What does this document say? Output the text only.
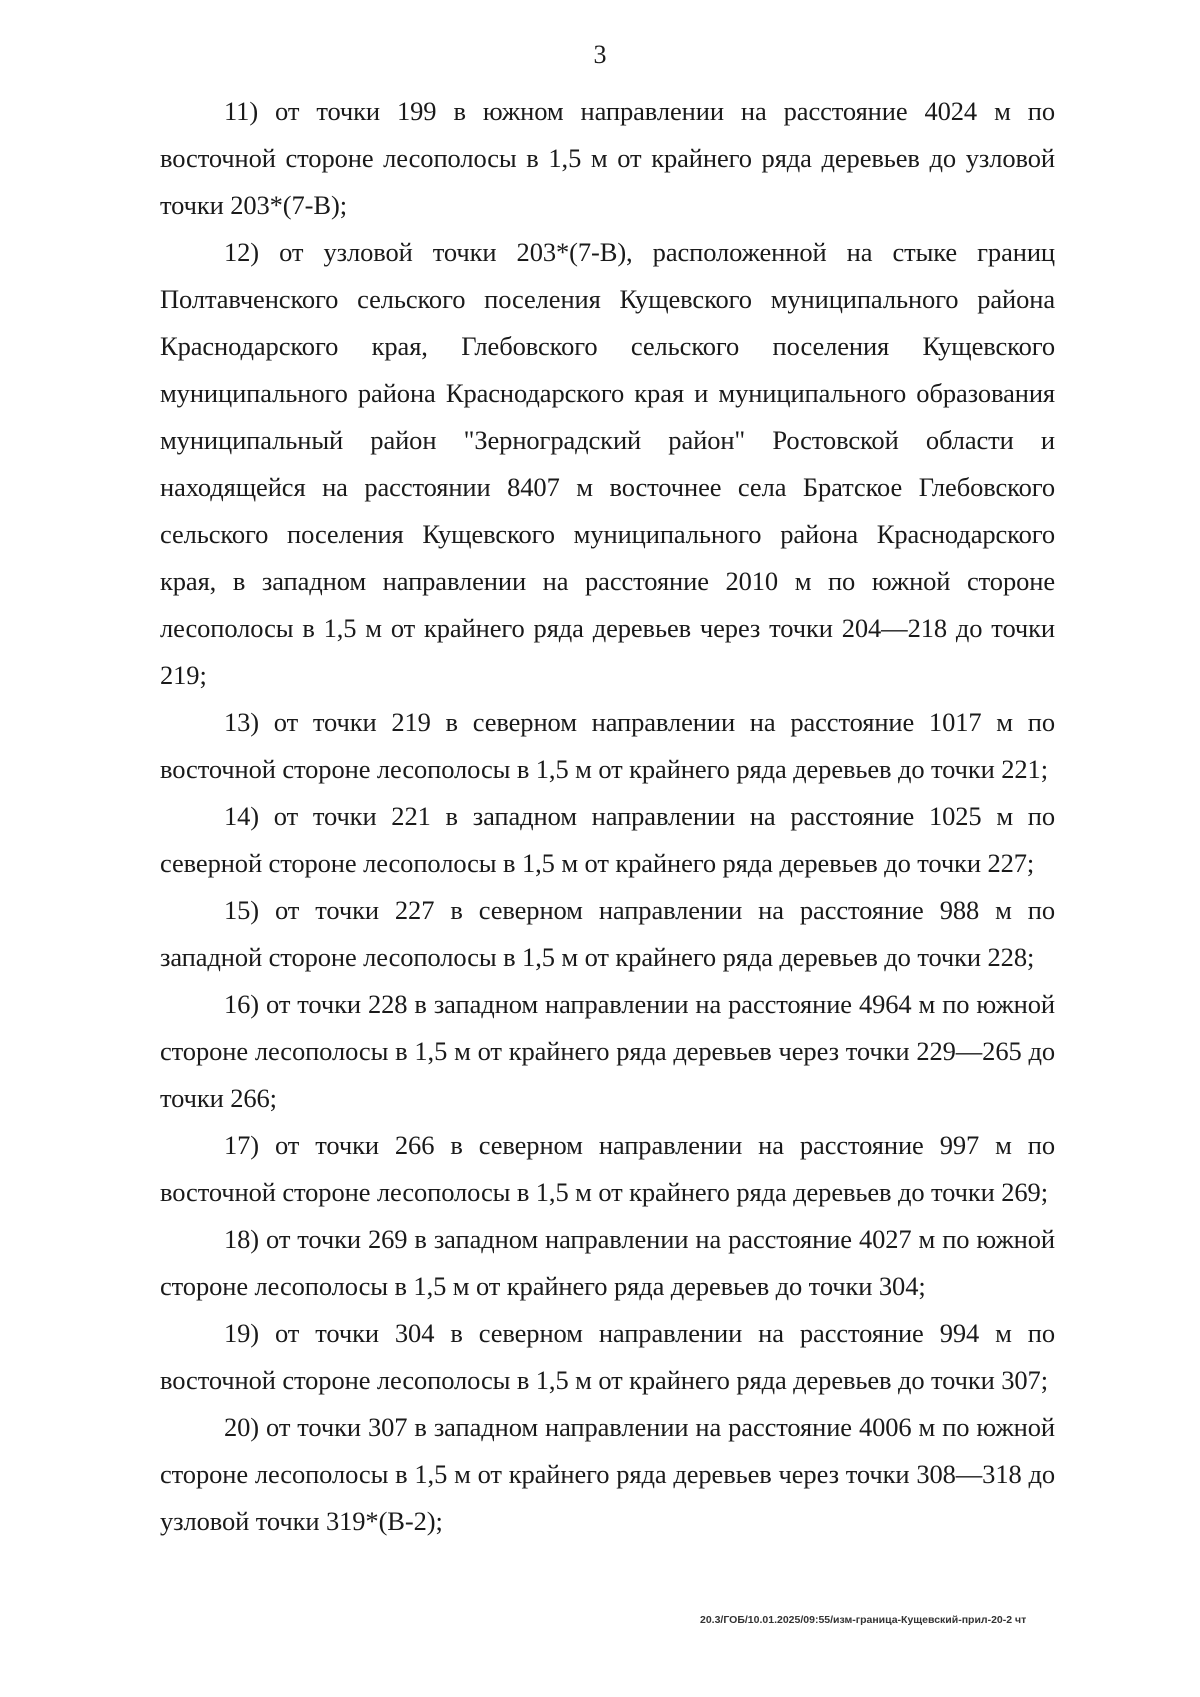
3

11) от точки 199 в южном направлении на расстояние 4024 м по восточной стороне лесополосы в 1,5 м от крайнего ряда деревьев до узловой точки 203*(7-В);

12) от узловой точки 203*(7-В), расположенной на стыке границ Полтавченского сельского поселения Кущевского муниципального района Краснодарского края, Глебовского сельского поселения Кущевского муниципального района Краснодарского края и муниципального образования муниципальный район "Зерноградский район" Ростовской области и находящейся на расстоянии 8407 м восточнее села Братское Глебовского сельского поселения Кущевского муниципального района Краснодарского края, в западном направлении на расстояние 2010 м по южной стороне лесополосы в 1,5 м от крайнего ряда деревьев через точки 204—218 до точки 219;

13) от точки 219 в северном направлении на расстояние 1017 м по восточной стороне лесополосы в 1,5 м от крайнего ряда деревьев до точки 221;

14) от точки 221 в западном направлении на расстояние 1025 м по северной стороне лесополосы в 1,5 м от крайнего ряда деревьев до точки 227;

15) от точки 227 в северном направлении на расстояние 988 м по западной стороне лесополосы в 1,5 м от крайнего ряда деревьев до точки 228;

16) от точки 228 в западном направлении на расстояние 4964 м по южной стороне лесополосы в 1,5 м от крайнего ряда деревьев через точки 229—265 до точки 266;

17) от точки 266 в северном направлении на расстояние 997 м по восточной стороне лесополосы в 1,5 м от крайнего ряда деревьев до точки 269;

18) от точки 269 в западном направлении на расстояние 4027 м по южной стороне лесополосы в 1,5 м от крайнего ряда деревьев до точки 304;

19) от точки 304 в северном направлении на расстояние 994 м по восточной стороне лесополосы в 1,5 м от крайнего ряда деревьев до точки 307;

20) от точки 307 в западном направлении на расстояние 4006 м по южной стороне лесополосы в 1,5 м от крайнего ряда деревьев через точки 308—318 до узловой точки 319*(В-2);

20.3/ГОБ/10.01.2025/09:55/изм-граница-Кущевский-прил-20-2 чт
